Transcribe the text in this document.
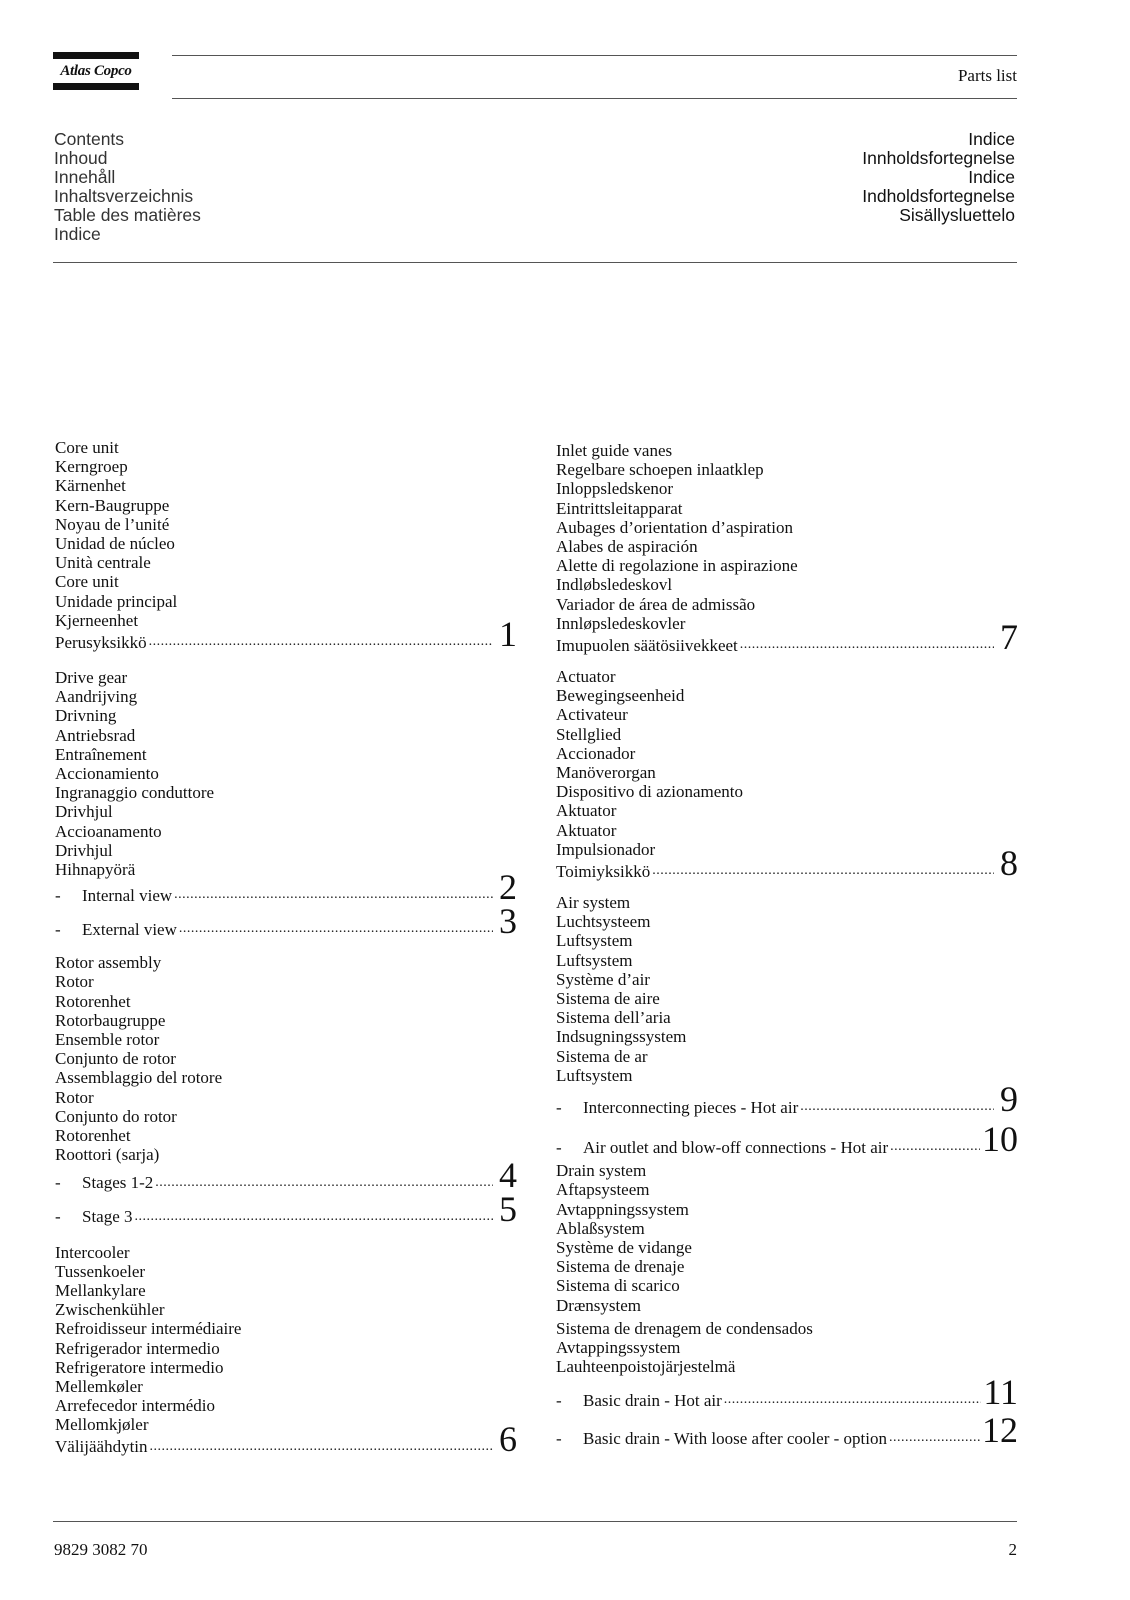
Atlas Copco	Parts list
Contents
Inhoud
Innehåll
Inhaltsverzeichnis
Table des matières
Indice
Indice
Innholdsfortegnelse
Indice
Indholdsfortegnelse
Sisällysluettelo
Core unit
Kerngroep
Kärnenhet
Kern-Baugruppe
Noyau de l’unité
Unidad de núcleo
Unità centrale
Core unit
Unidade principal
Kjerneenhet
Perusyksikkö .....	1
Drive gear
Aandrijving
Drivning
Antriebsrad
Entraînement
Accionamiento
Ingranaggio conduttore
Drivhjul
Accioanamento
Drivhjul
Hihnapyörä
-	Internal view .....	2
-	External view .....	3
Rotor assembly
Rotor
Rotorenhet
Rotorbaugruppe
Ensemble rotor
Conjunto de rotor
Assemblaggio del rotore
Rotor
Conjunto do rotor
Rotorenhet
Roottori (sarja)
-	Stages 1-2 .....	4
-	Stage 3 .....	5
Intercooler
Tussenkoeler
Mellankylare
Zwischenkühler
Refroidisseur intermédiaire
Refrigerador intermedio
Refrigeratore intermedio
Mellemkøler
Arrefecedor intermédio
Mellomkjøler
Välijäähdytin .....	6
Inlet guide vanes
Regelbare schoepen inlaatklep
Inloppsledskenor
Eintrittsleitapparat
Aubages d’orientation d’aspiration
Alabes de aspiración
Alette di regolazione in aspirazione
Indløbsledeskovl
Variador de área de admissão
Innløpsledeskovler
Imupuolen säätösiivekkeet .....	7
Actuator
Bewegingseenheid
Activateur
Stellglied
Accionador
Manöverorgan
Dispositivo di azionamento
Aktuator
Aktuator
Impulsionador
Toimiyksikkö .....	8
Air system
Luchtsysteem
Luftsystem
Luftsystem
Système d’air
Sistema de aire
Sistema dell’aria
Indsugningssystem
Sistema de ar
Luftsystem
-	Interconnecting pieces - Hot air .....	9
-	Air outlet and blow-off connections - Hot air .....	10
Drain system
Aftapsysteem
Avtappningssystem
Ablaßsystem
Système de vidange
Sistema de drenaje
Sistema di scarico
Drænsystem
Sistema de drenagem de condensados
Avtappingssystem
Lauhteenpoistojärjestelmä
-	Basic drain - Hot air .....	11
-	Basic drain - With loose after cooler - option .....	12
9829 3082 70	2
